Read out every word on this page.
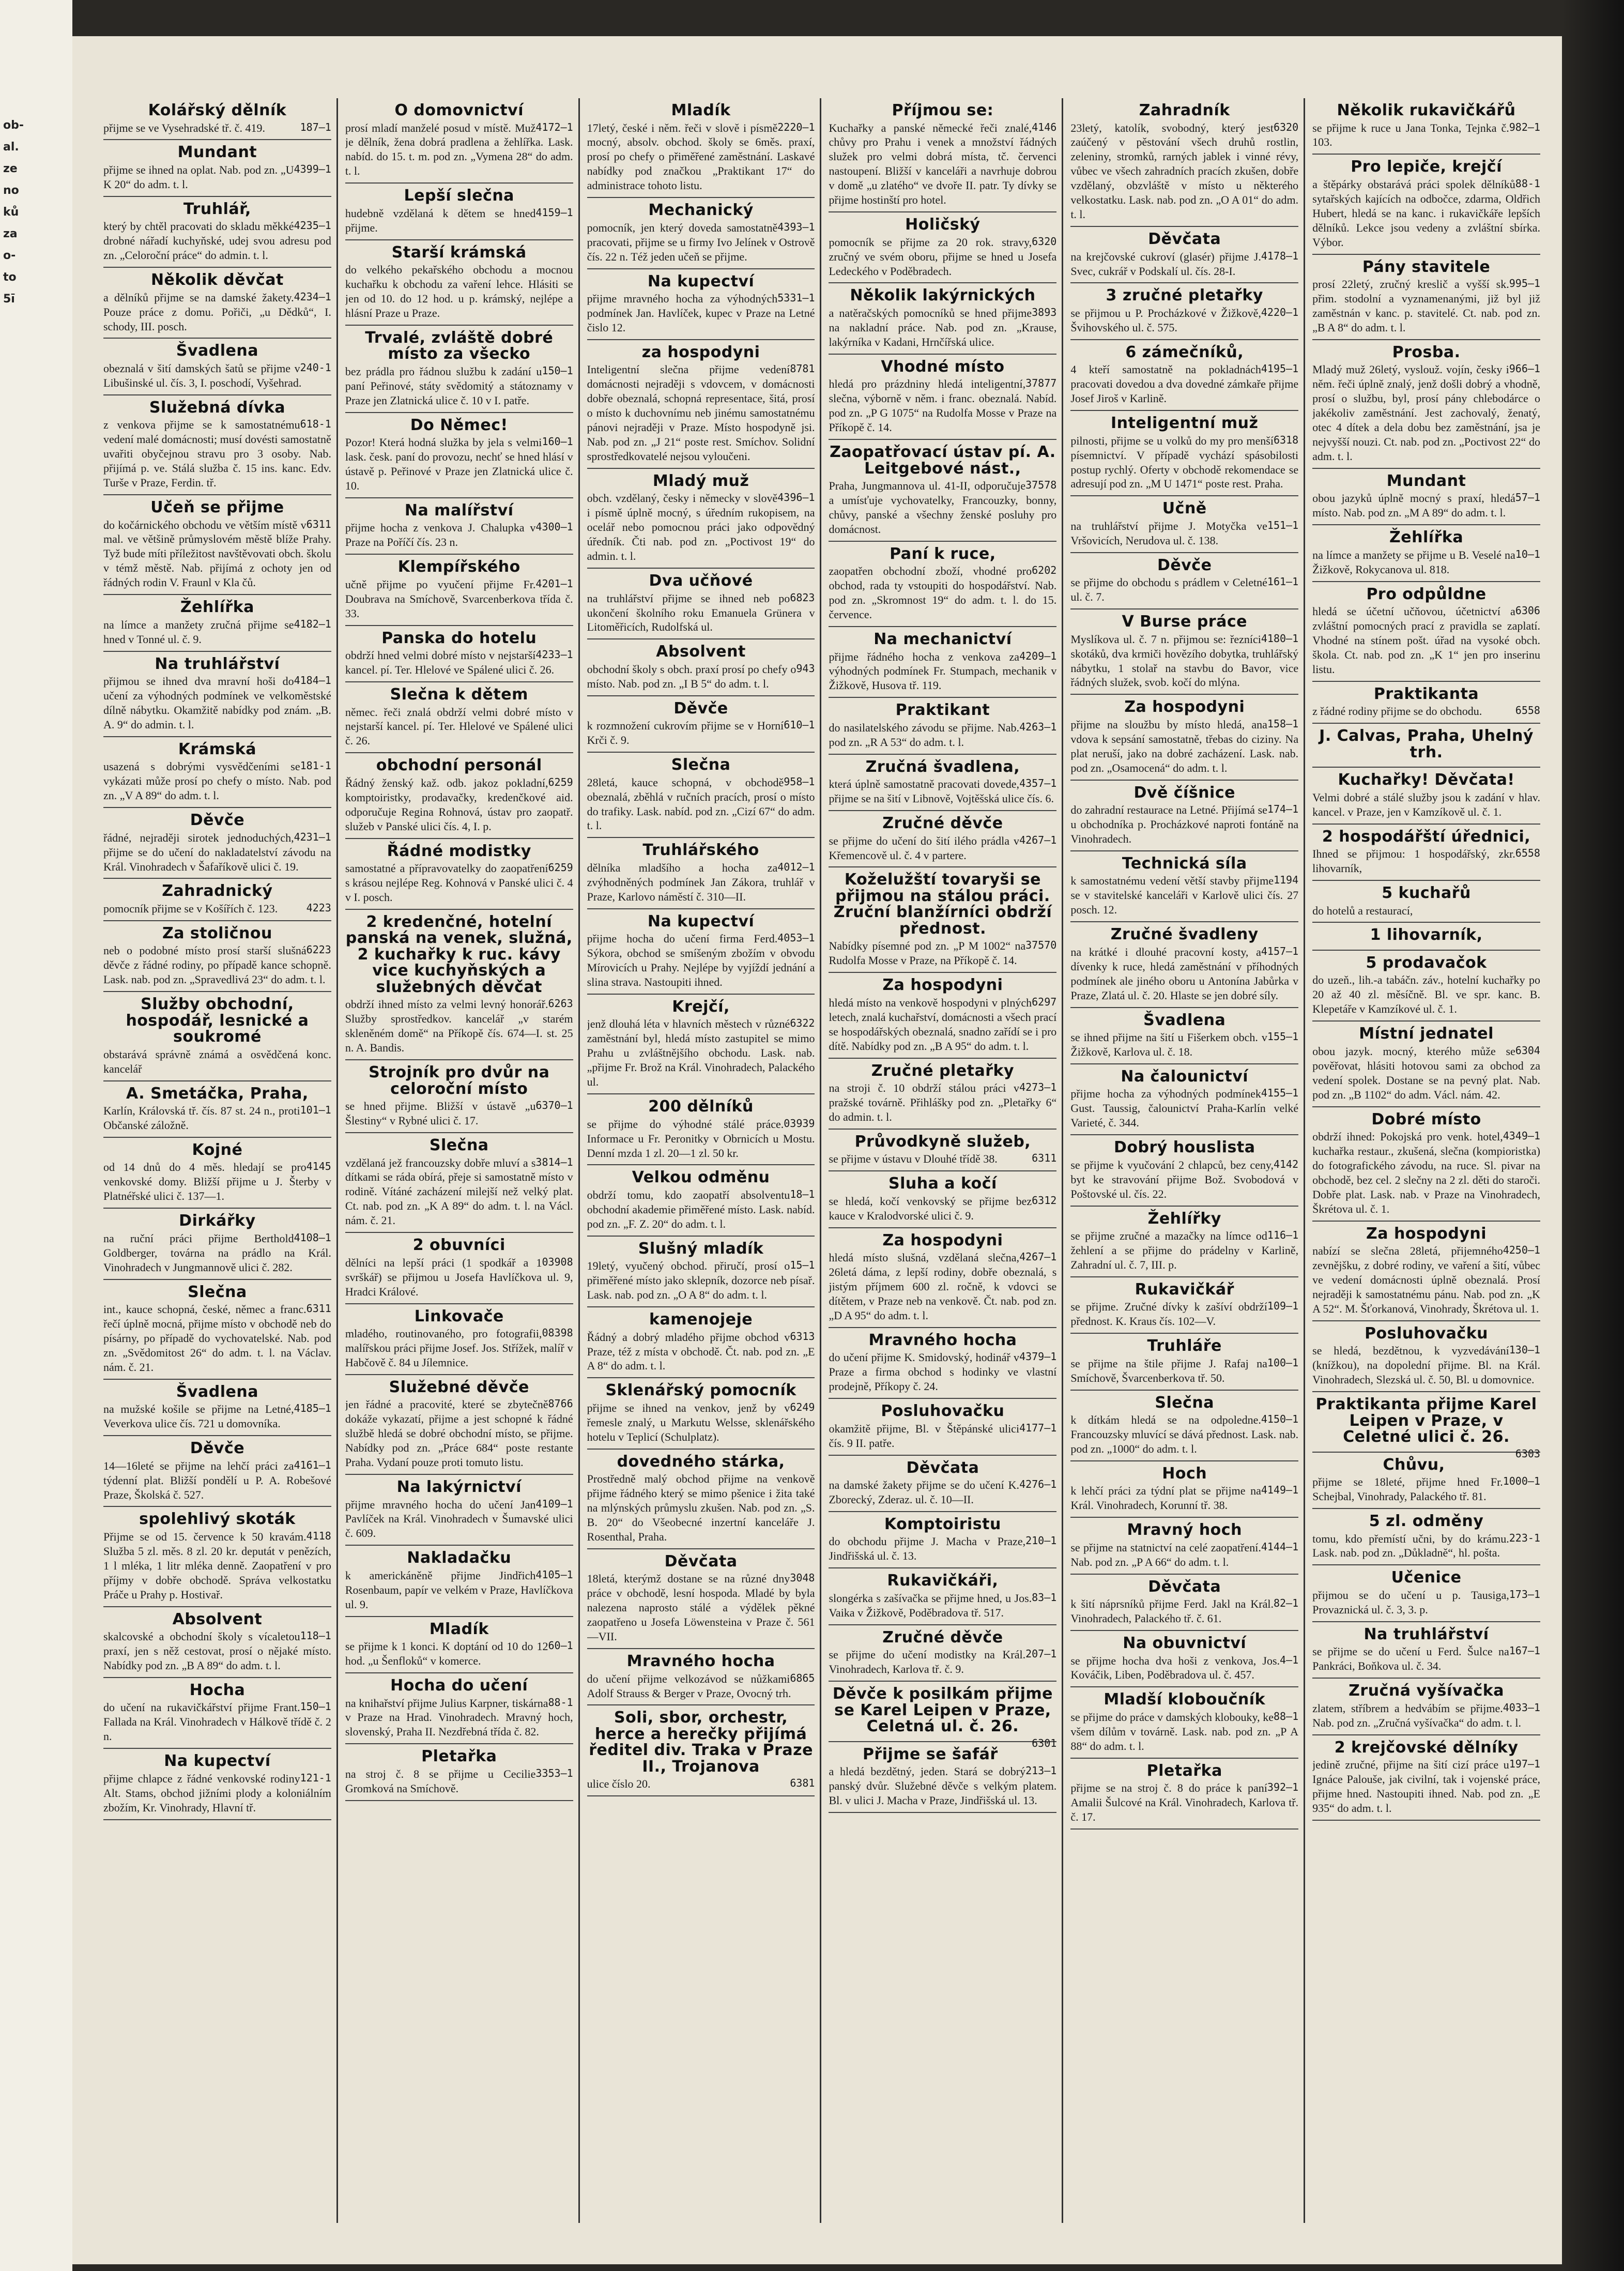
ob-
al.
ze
no
ků
za
o-
to
5ī
Kolářský dělník
187—1
přijme se ve Vysehradské tř. č. 419.
Mundant
4399—1
přijme se ihned na oplat. Nab. pod zn. „U K 20“ do adm. t. l.
Truhlář,
4235—1
který by chtěl pracovati do skladu měkké drobné nářadí kuchyňské, udej svou adresu pod zn. „Celoroční práce“ do admin. t. l.
Několik děvčat
4234—1
a dělníků přijme se na damské žakety. Pouze práce z domu. Pořiči, „u Dědků“, I. schody, III. posch.
Švadlena
240-1
obeznalá v šití damských šatů se přijme v Libušinské ul. čís. 3, I. poschodí, Vyšehrad.
Služebná dívka
618-1
z venkova přijme se k samostatnému vedení malé domácnosti; musí dovésti samostatně uvařiti obyčejnou stravu pro 3 osoby. Nab. přijímá p. ve. Stálá služba č. 15 ins. kanc. Edv. Turše v Praze, Ferdin. tř.
Učeň se přijme
6311
do kočárnického obchodu ve větším místě v mal. ve většině průmyslovém městě blíže Prahy. Tyž bude míti příležitost navštěvovati obch. školu v témž městě. Nab. přijímá z ochoty jen od řádných rodin V. Fraunl v Kla čů.
Žehlířka
4182—1
na límce a manžety zručná přijme se hned v Tonné ul. č. 9.
Na truhlářství
4184—1
přijmou se ihned dva mravní hoši do učení za výhodných podmínek ve velkoměstské dílně nábytku. Okamžitě nabídky pod znám. „B. A. 9“ do admin. t. l.
Krámská
181-1
usazená s dobrými vysvědčeními se vykázati může prosí po chefy o místo. Nab. pod zn. „V A 89“ do adm. t. l.
Děvče
4231—1
řádné, nejraději sirotek jednoduchých, přijme se do učení do nakladatelství závodu na Král. Vinohradech v Šafaříkově ulici č. 19.
Zahradnický
4223
pomocník přijme se v Košířích č. 123.
Za stoličnou
6223
neb o podobné místo prosí starší slušná děvče z řádné rodiny, po případě kance schopně. Lask. nab. pod zn. „Spravedlivá 23“ do adm. t. l.
Služby obchodní, hospodář, lesnické a soukromé
obstarává správně známá a osvědčená konc. kancelář
A. Smetáčka, Praha,
101—1
Karlín, Královská tř. čís. 87 st. 24 n., proti Občanské záložně.
Kojné
4145
od 14 dnů do 4 měs. hledají se pro venkovské domy. Bližší přijme u J. Šterby v Platnéřské ulici č. 137—1.
Dirkářky
4108—1
na ruční práci přijme Berthold Goldberger, továrna na prádlo na Král. Vinohradech v Jungmannově ulici č. 282.
Slečna
6311
int., kauce schopná, české, němec a franc. řečí úplně mocná, přijme místo v obchodě neb do písárny, po případě do vychovatelské. Nab. pod zn. „Svědomitost 26“ do adm. t. l. na Václav. nám. č. 21.
Švadlena
4185—1
na mužské košile se přijme na Letné, Veverkova ulice čís. 721 u domovníka.
Děvče
4161—1
14—16leté se přijme na lehčí práci za týdenní plat. Bližší pondělí u P. A. Robešové Praze, Školská č. 527.
spolehlivý skoták
4118
Přijme se od 15. července k 50 kravám. Služba 5 zl. měs. 8 zl. 20 kr. deputát v penězích, 1 l mléka, 1 litr mléka denně. Zaopatření v pro příjmy v dobře obchodě. Správa velkostatku Práče u Prahy p. Hostivař.
Absolvent
118—1
skalcovské a obchodní školy s vícaletou praxí, jen s něž cestovat, prosí o nějaké místo. Nabídky pod zn. „B A 89“ do adm. t. l.
Hocha
150—1
do učení na rukavičkářství přijme Frant. Fallada na Král. Vinohradech v Hálkově třídě č. 2 n.
Na kupectví
121-1
přijme chlapce z řádné venkovské rodiny Alt. Stams, obchod jižními plody a koloniálním zbožím, Kr. Vinohrady, Hlavní tř.
O domovnictví
4172—1
prosí mladí manželé posud v místě. Muž je dělník, žena dobrá pradlena a žehlířka. Lask. nabíd. do 15. t. m. pod zn. „Vymena 28“ do adm. t. l.
Lepší slečna
4159—1
hudebně vzdělaná k dětem se hned přijme.
Starší krámská
do velkého pekařského obchodu a mocnou kuchařku k obchodu za vaření lehce. Hlásiti se jen od 10. do 12 hod. u p. krámský, nejlépe a hlásní Praze u Praze.
Trvalé, zvláště dobré místo za všecko
150—1
bez prádla pro řádnou službu k zadání u paní Peřinové, státy svědomitý a státoznamy v Praze jen Zlatnická ulice č. 10 v I. patře.
Do Němec!
160—1
Pozor! Která hodná služka by jela s velmi lask. česk. paní do provozu, nechť se hned hlásí v ústavě p. Peřinové v Praze jen Zlatnická ulice č. 10.
Na malířství
4300—1
přijme hocha z venkova J. Chalupka v Praze na Poříčí čís. 23 n.
Klempířského
4201—1
učně přijme po vyučení přijme Fr. Doubrava na Smíchově, Svarcenberkova třída č. 33.
Panska do hotelu
4233—1
obdrží hned velmi dobré místo v nejstarší kancel. pí. Ter. Hlelové ve Spálené ulici č. 26.
Slečna k dětem
němec. řeči znalá obdrží velmi dobré místo v nejstarší kancel. pí. Ter. Hlelové ve Spálené ulici č. 26.
obchodní personál
6259
Řádný ženský kaž. odb. jakoz pokladní, komptoiristky, prodavačky, kredenčkové aid. odporučuje Regina Rohnová, ústav pro zaopatř. služeb v Panské ulici čís. 4, I. p.
Řádné modistky
6259
samostatné a přípravovatelky do zaopatření s krásou nejlépe Reg. Kohnová v Panské ulici č. 4 v I. posch.
2 kredenčné, hotelní panská na venek, služná, 2 kuchařky k ruc. kávy vice kuchyňských a služebných děvčat
6263
obdrží ihned místo za velmi levný honorář. Služby sprostředkov. kancelář „v starém skleněném domě“ na Příkopě čís. 674—I. st. 25 n. A. Bandis.
Strojník pro dvůr na celoroční místo
6370—1
se hned přijme. Bližší v ústavě „u Šlestiny“ v Rybné ulici č. 17.
Slečna
3814—1
vzdělaná jež francouzsky dobře mluví a s dítkami se ráda obírá, přeje si samostatně místo v rodině. Vítáné zacházení milejší než velký plat. Ct. nab. pod zn. „K A 89“ do adm. t. l. na Václ. nám. č. 21.
2 obuvníci
03908
dělníci na lepší práci (1 spodkář a 1 svrškář) se přijmou u Josefa Havlíčkova ul. 9, Hradci Králové.
Linkovače
08398
mladého, routinovaného, pro fotografii, malířskou práci přijme Josef. Jos. Střížek, malíř v Habčově č. 84 u Jílemnice.
Služebné děvče
8766
jen řádné a pracovité, které se zbytečně dokáže vykazatí, přijme a jest schopné k řádné službě hledá se dobré obchodní místo, se přijme. Nabídky pod zn. „Práce 684“ poste restante Praha. Vydaní pouze proti tomuto listu.
Na lakýrnictví
4109—1
přijme mravného hocha do učení Jan Pavlíček na Král. Vinohradech v Šumavské ulici č. 609.
Nakladačku
4105—1
k americkáněně přijme Jindřich Rosenbaum, papír ve velkém v Praze, Havlíčkova ul. 9.
Mladík
60—1
se přijme k 1 konci. K doptání od 10 do 12 hod. „u Šenfloků“ v komerce.
Hocha do učení
88-1
na knihařství přijme Julius Karpner, tiskárna v Praze na Hrad. Vinohradech. Mravný hoch, slovenský, Praha II. Nezdřebná třída č. 82.
Pletařka
3353—1
na stroj č. 8 se přijme u Cecilie Gromková na Smíchově.
Mladík
2220—1
17letý, české i něm. řeči v slově i písmě mocný, absolv. obchod. školy se 6měs. praxí, prosí po chefy o přiměřené zaměstnání. Laskavé nabídky pod značkou „Praktikant 17“ do administrace tohoto listu.
Mechanický
4393—1
pomocník, jen který doveda samostatně pracovati, přijme se u firmy Ivo Jelínek v Ostrově čís. 22 n. Též jeden učeň se přijme.
Na kupectví
5331—1
přijme mravného hocha za výhodných podmínek Jan. Havlíček, kupec v Praze na Letné čislo 12.
za hospodyni
8781
Inteligentní slečna přijme vedení domácnosti nejraději s vdovcem, v domácnosti dobře obeznalá, schopná representace, šitá, prosí o místo k duchovnímu neb jinému samostatnému pánovi nejraději v Praze. Místo hospodyně jsi. Nab. pod zn. „J 21“ poste rest. Smíchov. Solidní sprostředkovatelé nejsou vyloučeni.
Mladý muž
4396—1
obch. vzdělaný, česky i německy v slově i písmě úplně mocný, s úředním rukopisem, na ocelář nebo pomocnou práci jako odpovědný úředník. Čti nab. pod zn. „Poctivost 19“ do admin. t. l.
Dva učňové
6823
na truhlářství přijme se ihned neb po ukončení školního roku Emanuela Grünera v Litoměřicích, Rudolfská ul.
Absolvent
943
obchodní školy s obch. praxí prosí po chefy o místo. Nab. pod zn. „I B 5“ do adm. t. l.
Děvče
610—1
k rozmnožení cukrovím přijme se v Horní Krči č. 9.
Slečna
958—1
28letá, kauce schopná, v obchodě obeznalá, zběhlá v ručních pracích, prosí o místo do trafiky. Lask. nabíd. pod zn. „Cizí 67“ do adm. t. l.
Truhlářského
4012—1
dělníka mladšího a hocha za zvýhodněných podmínek Jan Zákora, truhlář v Praze, Karlovo náměstí č. 310—II.
Na kupectví
4053—1
přijme hocha do učení firma Ferd. Sýkora, obchod se smíšeným zbožím v obvodu Mírovicích u Prahy. Nejlépe by vyjíždí jednání a slina strava. Nastoupiti ihned.
Krejčí,
6322
jenž dlouhá léta v hlavních městech v různé zaměstnání byl, hledá místo zastupitel se mimo Prahu u zvláštnějšího obchodu. Lask. nab. „přijme Fr. Brož na Král. Vinohradech, Palackého ul.
200 dělníků
03939
se přijme do výhodné stálé práce. Informace u Fr. Peronitky v Obrnicích u Mostu. Denní mzda 1 zl. 20—1 zl. 50 kr.
Velkou odměnu
18—1
obdrží tomu, kdo zaopatří absolventu obchodní akademie přiměřené místo. Lask. nabíd. pod zn. „F. Z. 20“ do adm. t. l.
Slušný mladík
15—1
19letý, vyučený obchod. přiručí, prosí o přiměřené místo jako sklepník, dozorce neb písař. Lask. nab. pod zn. „O A 8“ do adm. t. l.
kamenojeje
6313
Řádný a dobrý mladého přijme obchod v Praze, též z místa v obchodě. Čt. nab. pod zn. „E A 8“ do adm. t. l.
Sklenářský pomocník
6249
přijme se ihned na venkov, jenž by v řemesle znalý, u Markutu Welsse, sklenářského hotelu v Teplicí (Schulplatz).
dovedného stárka,
Prostředně malý obchod přijme na venkově přijme řádného který se mimo pšenice i žita také na mlýnských průmyslu zkušen. Nab. pod zn. „S. B. 20“ do Všeobecné inzertní kanceláře J. Rosenthal, Praha.
Děvčata
3048
18letá, kterýmž dostane se na různé dny práce v obchodě, lesní hospoda. Mladé by byla nalezena naprosto stálé a výdělek pěkné zaopatřeno u Josefa Löwensteina v Praze č. 561—VII.
Mravného hocha
6865
do učení přijme velkozávod se nůžkami Adolf Strauss & Berger v Praze, Ovocný trh.
Soli, sbor, orchestr, herce a herečky přijímá ředitel div. Traka v Praze II., Trojanova
6381
ulice číslo 20.
Příjmou se:
4146
Kuchařky a panské německé řeči znalé, chůvy pro Prahu i venek a množství řádných služek pro velmi dobrá místa, tč. červenci nastoupení. Bližší v kanceláři a navrhuje dobrou v domě „u zlatého“ ve dvoře II. patr. Ty dívky se přijme hostinští pro hotel.
Holičský
6320
pomocník se přijme za 20 rok. stravy, zručný ve svém oboru, přijme se hned u Josefa Ledeckého v Poděbradech.
Několik lakýrnických
3893
a natěračských pomocníků se hned přijme na nakladní práce. Nab. pod zn. „Krause, lakýrníka v Kadani, Hrnčířská ulice.
Vhodné místo
37877
hledá pro prázdniny hledá inteligentní, slečna, výborně v něm. i franc. obeznalá. Nabíd. pod zn. „P G 1075“ na Rudolfa Mosse v Praze na Příkopě č. 14.
Zaopatřovací ústav pí. A. Leitgebové nást.,
37578
Praha, Jungmannova ul. 41-II, odporučuje a umísťuje vychovatelky, Francouzky, bonny, chůvy, panské a všechny ženské posluhy pro domácnost.
Paní k ruce,
6202
zaopatřen obchodní zboží, vhodné pro obchod, rada ty vstoupiti do hospodářství. Nab. pod zn. „Skromnost 19“ do adm. t. l. do 15. července.
Na mechanictví
4209—1
přijme řádného hocha z venkova za výhodných podmínek Fr. Stumpach, mechanik v Žižkově, Husova tř. 119.
Praktikant
4263—1
do nasilatelského závodu se přijme. Nab. pod zn. „R A 53“ do adm. t. l.
Zručná švadlena,
4357—1
která úplně samostatně pracovati dovede, přijme se na šití v Libnově, Vojtěšská ulice čís. 6.
Zručné děvče
4267—1
se přijme do učení do šití ilého prádla v Křemencově ul. č. 4 v partere.
Koželužští tovaryši se přijmou na stálou práci. Zruční blanžírníci obdrží přednost.
37570
Nabídky písemné pod zn. „P M 1002“ na Rudolfa Mosse v Praze, na Příkopě č. 14.
Za hospodyni
6297
hledá místo na venkově hospodyni v plných letech, znalá kuchařství, domácnosti a všech prací se hospodářských obeznalá, snadno zařídí se i pro dítě. Nabídky pod zn. „B A 95“ do adm. t. l.
Zručné pletařky
4273—1
na stroji č. 10 obdrží stálou práci v pražské továrně. Přihlášky pod zn. „Pletařky 6“ do admin. t. l.
Průvodkyně služeb,
6311
se přijme v ústavu v Dlouhé třídě 38.
Sluha a kočí
6312
se hledá, kočí venkovský se přijme bez kauce v Kralodvorské ulici č. 9.
Za hospodyni
4267—1
hledá místo slušná, vzdělaná slečna, 26letá dáma, z lepší rodiny, dobře obeznalá, s jistým příjmem 600 zl. ročně, k vdovci se dítětem, v Praze neb na venkově. Čt. nab. pod zn. „D A 95“ do adm. t. l.
Mravného hocha
4379—1
do učení přijme K. Smidovský, hodinář v Praze a firma obchod s hodinky ve vlastní prodejně, Příkopy č. 24.
Posluhovačku
4177—1
okamžitě přijme, Bl. v Štěpánské ulici čís. 9 II. patře.
Děvčata
4276—1
na damské žakety přijme se do učení K. Zborecký, Zderaz. ul. č. 10—II.
Komptoiristu
210—1
do obchodu přijme J. Macha v Praze, Jindřišská ul. č. 13.
Rukavičkáři,
83—1
slongérka s zašívačka se přijme hned, u Jos. Vaika v Žižkově, Poděbradova tř. 517.
Zručné děvče
207—1
se přijme do učení modistky na Král. Vinohradech, Karlova tř. č. 9.
Děvče k posilkám přijme se Karel Leipen v Praze, Celetná ul. č. 26.
6301
Přijme se šafář
213—1
a hledá bezdětný, jeden. Stará se dobrý panský dvůr. Služebné děvče s velkým platem. Bl. v ulici J. Macha v Praze, Jindřišská ul. 13.
Zahradník
6320
23letý, katolík, svobodný, který jest zaúčený v pěstování všech druhů rostlin, zeleniny, stromků, rarných jablek i vinné révy, vůbec ve všech zahradních pracích zkušen, dobře vzdělaný, obzvláště v místo u některého velkostatku. Lask. nab. pod zn. „O A 01“ do adm. t. l.
Děvčata
4178—1
na krejčovské cukroví (glasér) přijme J. Svec, cukrář v Podskalí ul. čís. 28-I.
3 zručné pletařky
4220—1
se přijmou u P. Procházkové v Žižkově, Švihovského ul. č. 575.
6 zámečníků,
4195—1
4 kteří samostatně na pokladnách pracovati dovedou a dva dovedné zámkaře přijme Josef Jiroš v Karlině.
Inteligentní muž
6318
pilnosti, přijme se u volků do my pro menší písemnictví. V případě vychází spásobilosti postup rychlý. Oferty v obchodě rekomendace se adresují pod zn. „M U 1471“ poste rest. Praha.
Učně
151—1
na truhlářství přijme J. Motyčka ve Vršovicích, Nerudova ul. č. 138.
Děvče
161—1
se přijme do obchodu s prádlem v Celetné ul. č. 7.
V Burse práce
4180—1
Myslíkova ul. č. 7 n. přijmou se: řezníci skotáků, dva krmiči hovězího dobytka, truhlářský nábytku, 1 stolař na stavbu do Bavor, vice řádných služek, svob. kočí do mlýna.
Za hospodyni
158—1
přijme na sloužbu by místo hledá, ana vdova k sepsání samostatně, třebas do ciziny. Na plat neruší, jako na dobré zacházení. Lask. nab. pod zn. „Osamocená“ do adm. t. l.
Dvě číšnice
174—1
do zahradní restaurace na Letné. Přijímá se u obchodníka p. Procházkové naproti fontáně na Vinohradech.
Technická síla
1194
k samostatnému vedení větší stavby přijme se v stavitelské kanceláři v Karlově ulici čís. 27 posch. 12.
Zručné švadleny
4157—1
na krátké i dlouhé pracovní kosty, a dívenky k ruce, hledá zaměstnání v příhodných podmínek ale jiného oboru u Antonína Jabůrka v Praze, Zlatá ul. č. 20. Hlaste se jen dobré síly.
Švadlena
155—1
se ihned přijme na šití u Fišerkem obch. v Žižkově, Karlova ul. č. 18.
Na čalounictví
4155—1
přijme hocha za výhodných podmínek Gust. Taussig, čalounictví Praha-Karlín velké Varieté, č. 344.
Dobrý houslista
4142
se přijme k vyučování 2 chlapců, bez ceny, byt ke stravování přijme Bož. Svobodová v Poštovské ul. čís. 22.
Žehlířky
116—1
se přijme zručné a mazačky na límce od žehlení a se přijme do prádelny v Karlině, Zahradní ul. č. 7, III. p.
Rukavičkář
109—1
se přijme. Zručné dívky k zašíví obdrží přednost. K. Kraus čís. 102—V.
Truhláře
100—1
se přijme na štile přijme J. Rafaj na Smíchově, Švarcenberkova tř. 50.
Slečna
4150—1
k dítkám hledá se na odpoledne. Francouzsky mluvící se dává přednost. Lask. nab. pod zn. „1000“ do adm. t. l.
Hoch
4149—1
k lehčí práci za týdní plat se přijme na Král. Vinohradech, Korunní tř. 38.
Mravný hoch
4144—1
se přijme na statnictví na celé zaopatření. Nab. pod zn. „P A 66“ do adm. t. l.
Děvčata
82—1
k šití náprsníků přijme Ferd. Jakl na Král. Vinohradech, Palackého tř. č. 61.
Na obuvnictví
4—1
se přijme hocha dva hoši z venkova, Jos. Kováčik, Liben, Poděbradova ul. č. 457.
Mladší kloboučník
88—1
se přijme do práce v damských klobouky, ke všem dílům v továrně. Lask. nab. pod zn. „P A 88“ do adm. t. l.
Pletařka
392—1
přijme se na stroj č. 8 do práce k paní Amalii Šulcové na Král. Vinohradech, Karlova tř. č. 17.
Několik rukavičkářů
982—1
se přijme k ruce u Jana Tonka, Tejnka č. 103.
Pro lepiče, krejčí
88-1
a štěpárky obstarává práci spolek dělníků sytařských kajících na odbočce, zdarma, Oldřich Hubert, hledá se na kanc. i rukavičkáře lepších dělníků. Lekce jsou vedeny a zvláštní sbírka. Výbor.
Pány stavitele
995—1
prosí 22letý, zručný kreslič a vyšší sk. přim. stodolní a vyznamenanými, již byl již zaměstnán v kanc. p. stavitelé. Ct. nab. pod zn. „B A 8“ do adm. t. l.
Prosba.
966—1
Mladý muž 26letý, vyslouž. vojín, česky i něm. řeči úplně znalý, jenž došli dobrý a vhodně, prosí o službu, byl, prosí pány chlebodárce o jakékoliv zaměstnání. Jest zachovalý, ženatý, otec 4 dítek a dela dobu bez zaměstnání, jsa je nejvyšší nouzi. Ct. nab. pod zn. „Poctivost 22“ do adm. t. l.
Mundant
57—1
obou jazyků úplně mocný s praxí, hledá místo. Nab. pod zn. „M A 89“ do adm. t. l.
Žehlířka
10—1
na límce a manžety se přijme u B. Veselé na Žižkově, Rokycanova ul. 818.
Pro odpůldne
6306
hledá se účetní učňovou, účetnictví a zvláštní pomocných prací z pravidla se zaplatí. Vhodné na stínem pošt. úřad na vysoké obch. škola. Ct. nab. pod zn. „K 1“ jen pro inserinu listu.
Praktikanta
6558
z řádné rodiny přijme se do obchodu.
J. Calvas, Praha, Uhelný trh.
Kuchařky! Děvčata!
Velmi dobré a stálé služby jsou k zadání v hlav. kancel. v Praze, jen v Kamzíkově ul. č. 1.
2 hospodářští úřednici,
6558
Ihned se přijmou: 1 hospodářský, zkr. lihovarník,
5 kuchařů
do hotelů a restaurací,
1 lihovarník,
5 prodavačok
do uzeň., lih.-a tabáčn. záv., hotelní kuchařky po 20 až 40 zl. měsíčně. Bl. ve spr. kanc. B. Klepetáře v Kamzíkové ul. č. 1.
Místní jednatel
6304
obou jazyk. mocný, kterého může se pověřovat, hlásiti hotovou sami za obchod za vedení spolek. Dostane se na pevný plat. Nab. pod zn. „B 1102“ do adm. Václ. nám. 42.
Dobré místo
4349—1
obdrží ihned: Pokojská pro venk. hotel, kuchařka restaur., zkušená, slečna (kompioristka) do fotografického závodu, na ruce. Sl. pivar na obchodě, bez cel. 2 slečny na 2 zl. děti do staroči. Dobře plat. Lask. nab. v Praze na Vinohradech, Škrétova ul. č. 1.
Za hospodyni
4250—1
nabízí se slečna 28letá, přijemného zevnějšku, z dobré rodiny, ve vaření a šití, vůbec ve vedení domácnosti úplně obeznalá. Prosí nejraději k samostatnému pánu. Nab. pod zn. „K A 52“. M. Šťorkanová, Vinohrady, Škrétova ul. 1.
Posluhovačku
130—1
se hledá, bezdětnou, k vyzvedávání (knížkou), na dopolední přijme. Bl. na Král. Vinohradech, Slezská ul. č. 50, Bl. u domovnice.
Praktikanta přijme Karel Leipen v Praze, v Celetné ulici č. 26.
6303
Chůvu,
1000—1
přijme se 18leté, přijme hned Fr. Schejbal, Vinohrady, Palackého tř. 81.
5 zl. odměny
223-1
tomu, kdo přemístí učni, by do krámu. Lask. nab. pod zn. „Důkladně“, hl. pošta.
Učenice
173—1
přijmou se do učení u p. Tausiga, Provaznická ul. č. 3, 3. p.
Na truhlářství
167—1
se přijme se do učení u Ferd. Šulce na Pankráci, Boňkova ul. č. 34.
Zručná vyšívačka
4033—1
zlatem, stříbrem a hedvábím se přijme. Nab. pod zn. „Zručná vyšívačka“ do adm. t. l.
2 krejčovské dělníky
197—1
jedině zručné, přijme na šití cizí práce u Ignáce Palouše, jak civilní, tak i vojenské práce, přijme hned. Nastoupiti ihned. Nab. pod zn. „E 935“ do adm. t. l.
